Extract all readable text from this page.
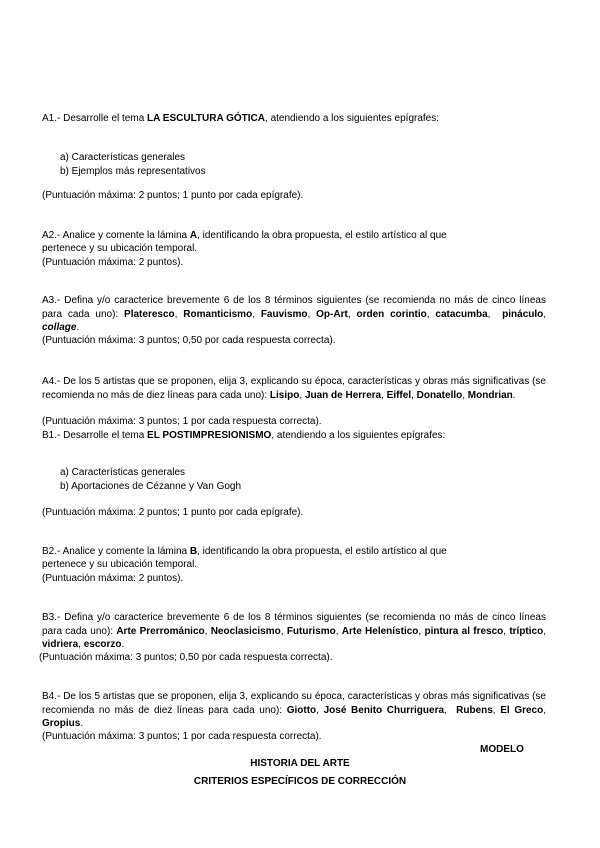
A1.- Desarrolle el tema LA ESCULTURA GÓTICA, atendiendo a los siguientes epígrafes:
a) Características generales
b) Ejemplos más representativos
(Puntuación máxima: 2 puntos; 1 punto por cada epígrafe).
A2.- Analice y comente la lámina A, identificando la obra propuesta, el estilo artístico al que
pertenece y su ubicación temporal.
(Puntuación máxima: 2 puntos).
A3.- Defina y/o caracterice brevemente 6 de los 8 términos siguientes (se recomienda no más de cinco líneas para cada uno): Plateresco, Romanticismo, Fauvismo, Op-Art, orden corintio, catacumba,  pináculo, collage.
(Puntuación máxima: 3 puntos; 0,50 por cada respuesta correcta).
A4.- De los 5 artistas que se proponen, elija 3, explicando su época, características y obras más significativas (se recomienda no más de diez líneas para cada uno): Lisipo, Juan de Herrera, Eiffel, Donatello, Mondrian.
(Puntuación máxima: 3 puntos; 1 por cada respuesta correcta).
B1.- Desarrolle el tema EL POSTIMPRESIONISMO, atendiendo a los siguientes epígrafes:
a) Características generales
b) Aportaciones de Cézanne y Van Gogh
(Puntuación máxima: 2 puntos; 1 punto por cada epígrafe).
B2.- Analice y comente la lámina B, identificando la obra propuesta, el estilo artístico al que
pertenece y su ubicación temporal.
(Puntuación máxima: 2 puntos).
B3.- Defina y/o caracterice brevemente 6 de los 8 términos siguientes (se recomienda no más de cinco líneas para cada uno): Arte Prerrománico, Neoclasicismo, Futurismo, Arte Helenístico, pintura al fresco, tríptico, vidriera, escorzo.
(Puntuación máxima: 3 puntos; 0,50 por cada respuesta correcta).
B4.- De los 5 artistas que se proponen, elija 3, explicando su época, características y obras más significativas (se recomienda no más de diez líneas para cada uno): Giotto, José Benito Churriguera,  Rubens, El Greco, Gropius.
(Puntuación máxima: 3 puntos; 1 por cada respuesta correcta).
MODELO
HISTORIA DEL ARTE
CRITERIOS ESPECÍFICOS DE CORRECCIÓN
